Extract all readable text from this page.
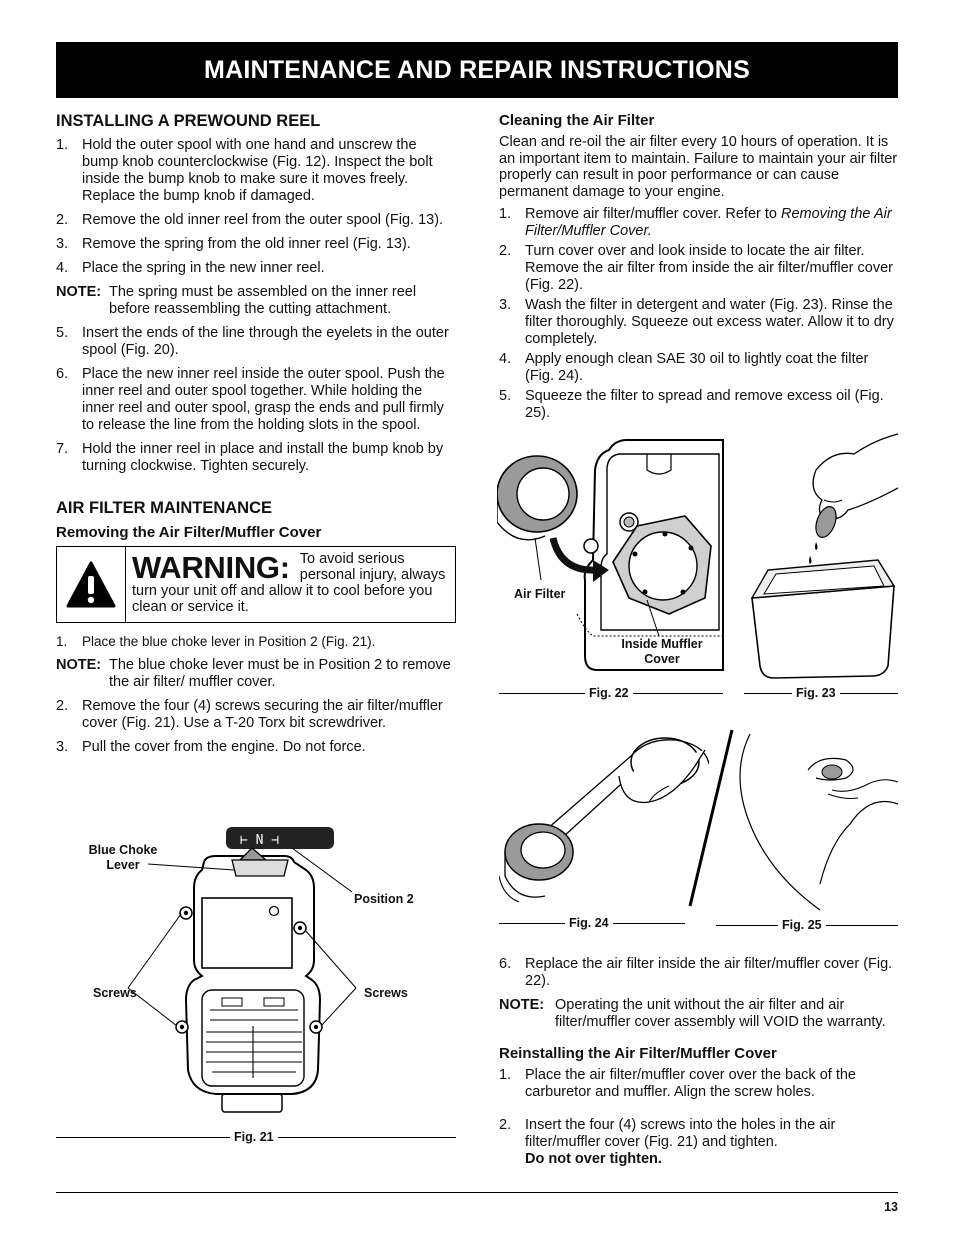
MAINTENANCE AND REPAIR INSTRUCTIONS
INSTALLING A PREWOUND REEL
1. Hold the outer spool with one hand and unscrew the bump knob counterclockwise (Fig. 12). Inspect the bolt inside the bump knob to make sure it moves freely. Replace the bump knob if damaged.
2. Remove the old inner reel from the outer spool (Fig. 13).
3. Remove the spring from the old inner reel (Fig. 13).
4. Place the spring in the new inner reel.
NOTE: The spring must be assembled on the inner reel before reassembling the cutting attachment.
5. Insert the ends of the line through the eyelets in the outer spool (Fig. 20).
6. Place the new inner reel inside the outer spool. Push the inner reel and outer spool together. While holding the inner reel and outer spool, grasp the ends and pull firmly to release the line from the holding slots in the spool.
7. Hold the inner reel in place and install the bump knob by turning clockwise. Tighten securely.
AIR FILTER MAINTENANCE
Removing the Air Filter/Muffler Cover
WARNING: To avoid serious personal injury, always turn your unit off and allow it to cool before you clean or service it.
1. Place the blue choke lever in Position 2 (Fig. 21).
NOTE: The blue choke lever must be in Position 2 to remove the air filter/ muffler cover.
2. Remove the four (4) screws securing the air filter/muffler cover (Fig. 21). Use a T-20 Torx bit screwdriver.
3. Pull the cover from the engine. Do not force.
⊢ N ⊣
Blue Choke Lever
Position 2
Screws	Screws
Fig. 21
Cleaning the Air Filter

Clean and re-oil the air filter every 10 hours of operation. It is an important item to maintain. Failure to maintain your air filter properly can result in poor performance or can cause permanent damage to your engine.

1. Remove air filter/muffler cover. Refer to Removing the Air Filter/Muffler Cover.
2. Turn cover over and look inside to locate the air filter. Remove the air filter from inside the air filter/muffler cover (Fig. 22).
3. Wash the filter in detergent and water (Fig. 23). Rinse the filter thoroughly. Squeeze out excess water. Allow it to dry completely.
4. Apply enough clean SAE 30 oil to lightly coat the filter (Fig. 24).
5. Squeeze the filter to spread and remove excess oil (Fig. 25).
Air Filter
Inside Muffler Cover
Fig. 22	Fig. 23
Fig. 24	Fig. 25
6. Replace the air filter inside the air filter/muffler cover (Fig. 22).
NOTE: Operating the unit without the air filter and air filter/muffler cover assembly will VOID the warranty.
Reinstalling the Air Filter/Muffler Cover
1. Place the air filter/muffler cover over the back of the carburetor and muffler. Align the screw holes.
2. Insert the four (4) screws into the holes in the air filter/muffler cover (Fig. 21) and tighten.
Do not over tighten.
13
